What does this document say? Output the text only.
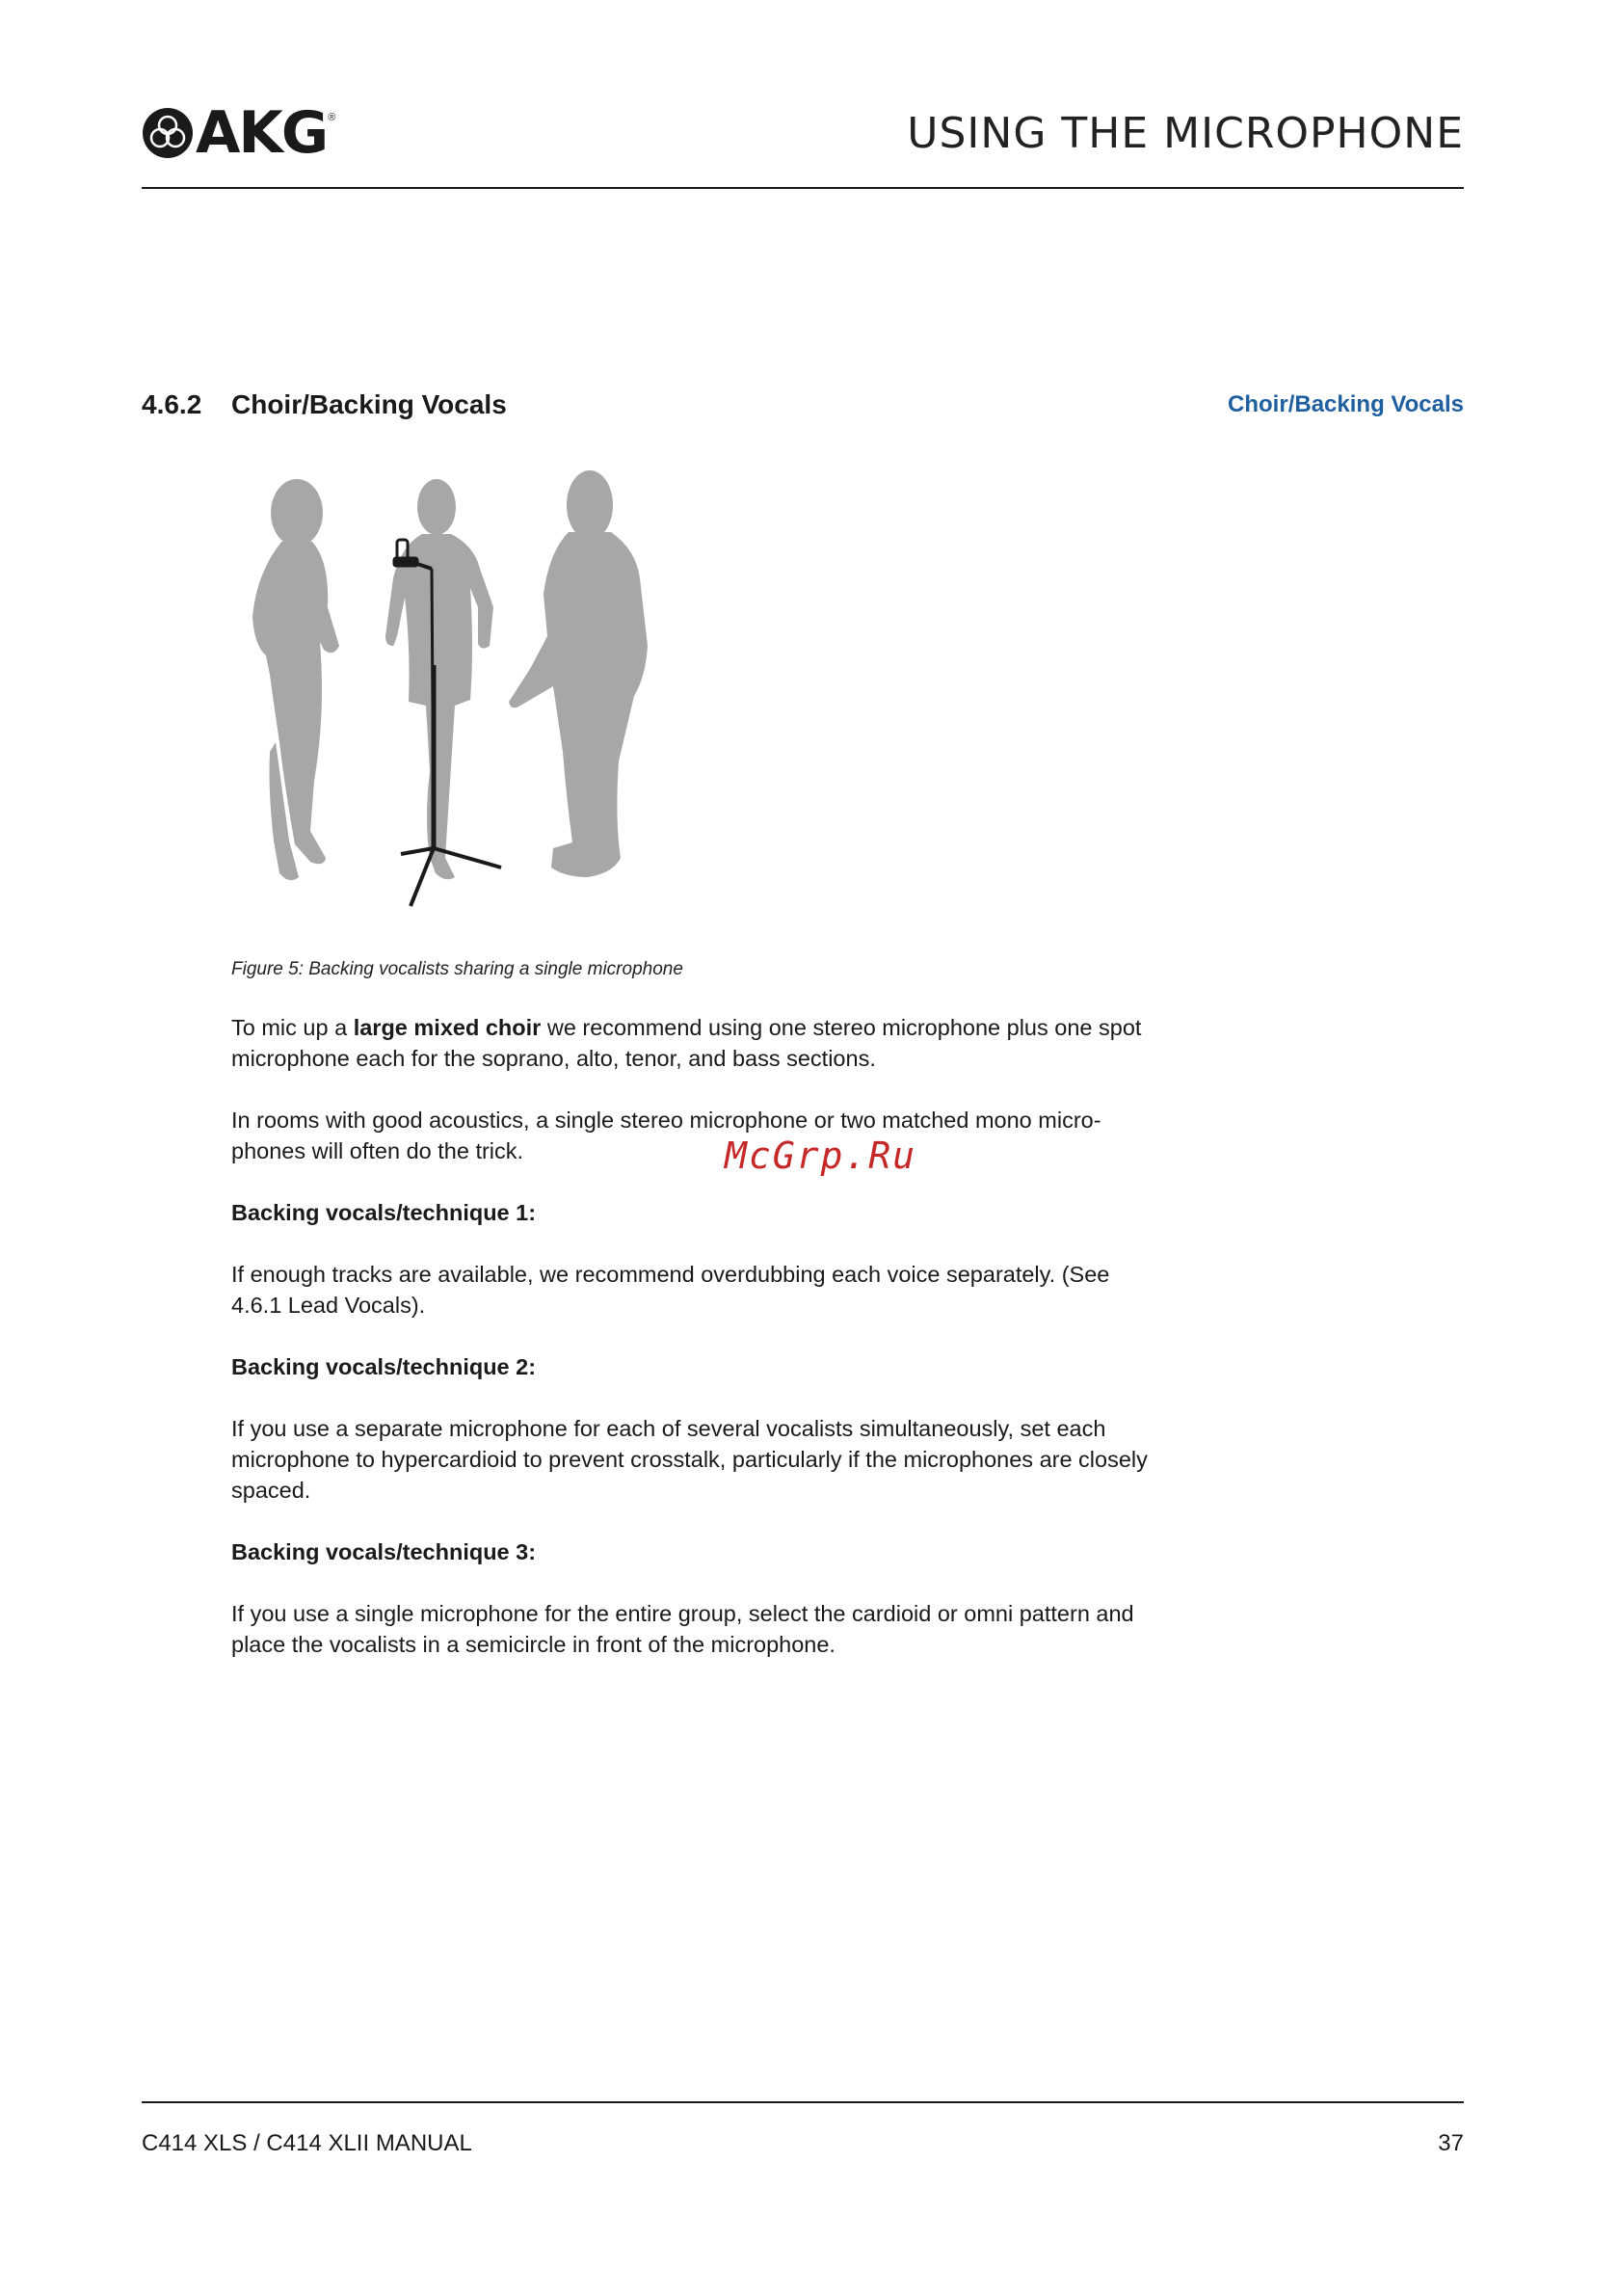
AKG ®	USING THE MICROPHONE
4.6.2 Choir/Backing Vocals	Choir/Backing Vocals
Figure 5: Backing vocalists sharing a single microphone

To mic up a large mixed choir we recommend using one stereo microphone plus one spot microphone each for the soprano, alto, tenor, and bass sections.

In rooms with good acoustics, a single stereo microphone or two matched mono micro-phones will often do the trick.

Backing vocals/technique 1:

If enough tracks are available, we recommend overdubbing each voice separately. (See 4.6.1 Lead Vocals).

Backing vocals/technique 2:

If you use a separate microphone for each of several vocalists simultaneously, set each microphone to hypercardioid to prevent crosstalk, particularly if the microphones are closely spaced.

Backing vocals/technique 3:

If you use a single microphone for the entire group, select the cardioid or omni pattern and place the vocalists in a semicircle in front of the microphone.

McGrp.Ru
C414 XLS / C414 XLII MANUAL	37
